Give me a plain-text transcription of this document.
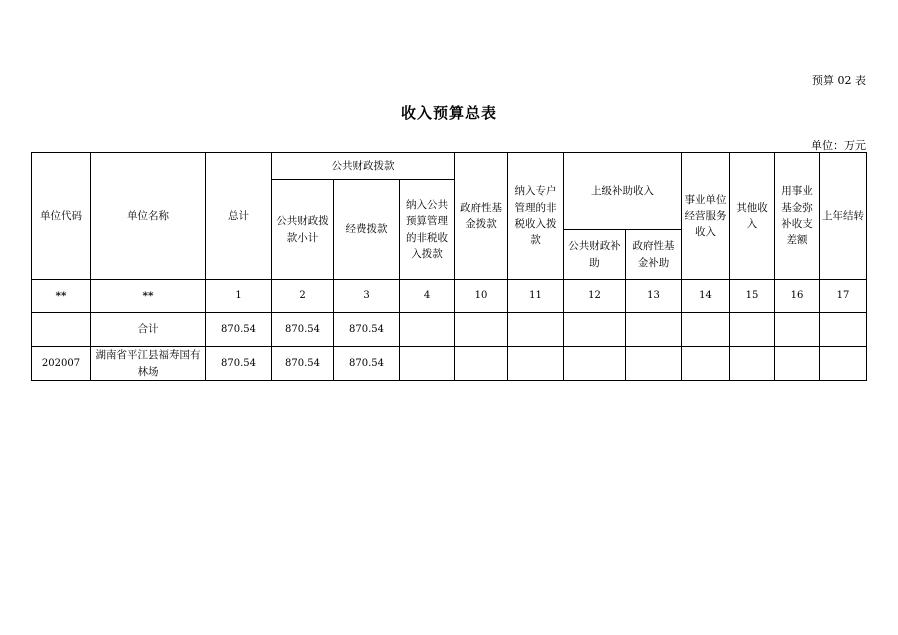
预算 02 表
收入预算总表
单位：万元
单位代码	单位名称	总计	公共财政拨款			政府性基金拨款	纳入专户管理的非税收入拨款	上级补助收入		事业单位经营服务收入	其他收入	用事业基金弥补收支差额	上年结转
			公共财政拨款小计	经费拨款	纳入公共预算管理的非税收入拨款								
								公共财政补助	政府性基金补助				
**	**	1	2	3	4	10	11	12	13	14	15	16	17
	合计	870.54	870.54	870.54									
202007	湖南省平江县福寿国有林场	870.54	870.54	870.54									
